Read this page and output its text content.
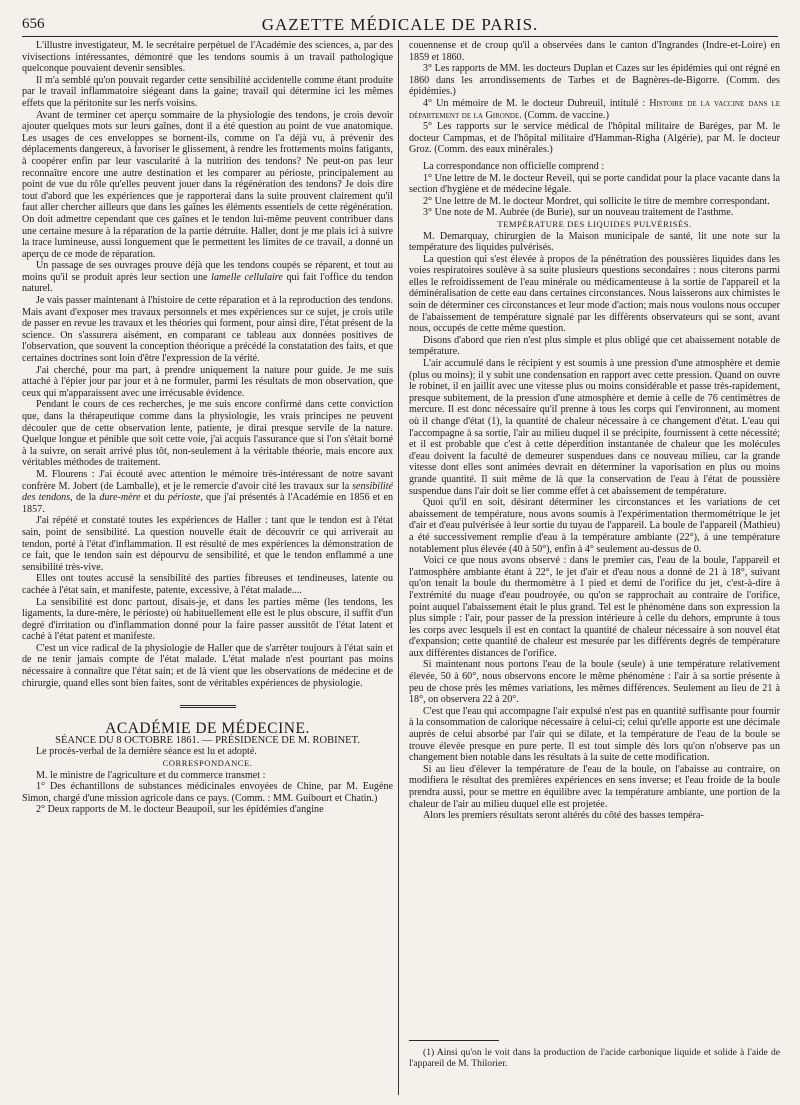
656	GAZETTE MÉDICALE DE PARIS.

L'illustre investigateur, M. le secrétaire perpétuel de l'Académie des sciences, a, par des vivisections intéressantes, démontré que les tendons soumis à un travail pathologique quelconque pouvaient devenir sensibles.

Il m'a semblé qu'on pouvait regarder cette sensibilité accidentelle comme étant produite par le travail inflammatoire siégeant dans la gaine; travail qui détermine ici les mêmes effets que la péritonite sur les nerfs voisins.

Avant de terminer cet aperçu sommaire de la physiologie des tendons, je crois devoir ajouter quelques mots sur leurs gaînes, dont il a été question au point de vue anatomique. Les usages de ces enveloppes se bornent-ils, comme on l'a déjà vu, à prévenir des déplacements dangereux, à favoriser le glissement, à rendre les frottements moins fatigants, à coopérer enfin par leur vascularité à la nutrition des tendons? Ne peut-on pas leur reconnaître encore une autre destination et les comparer au périoste, principalement au point de vue du rôle qu'elles peuvent jouer dans la régénération des tendons? Je dois dire tout d'abord que les expériences que je rapporterai dans la suite prouvent clairement qu'il faut aller chercher ailleurs que dans les gaînes les éléments essentiels de cette régénération. On doit admettre cependant que ces gaînes et le tendon lui-même peuvent contribuer dans une certaine mesure à la réparation de la partie détruite. Haller, dont je me plais ici à suivre la trace lumineuse, aussi longuement que le permettent les limites de ce travail, a donné un aperçu de ce mode de réparation.

Un passage de ses ouvrages prouve déjà que les tendons coupés se réparent, et tout au moins qu'il se produit après leur section une lamelle cellulaire qui fait l'office du tendon naturel.

Je vais passer maintenant à l'histoire de cette réparation et à la reproduction des tendons. Mais avant d'exposer mes travaux personnels et mes expériences sur ce sujet, je crois utile de passer en revue les travaux et les théories qui forment, pour ainsi dire, l'état présent de la science. On s'assurera aisément, en comparant ce tableau aux données positives de l'observation, que souvent la conception théorique a précédé la constatation des faits, et que certaines doctrines sont loin d'être l'expression de la vérité.

J'ai cherché, pour ma part, à prendre uniquement la nature pour guide. Je me suis attaché à l'épier jour par jour et à ne formuler, parmi les résultats de mon observation, que ceux qui m'apparaissent avec une irrécusable évidence.

Pendant le cours de ces recherches, je me suis encore confirmé dans cette conviction que, dans la thérapeutique comme dans la physiologie, les vrais principes ne peuvent découler que de cette observation lente, patiente, je dirai presque servile de la nature. Quelque longue et pénible que soit cette voie, j'ai acquis l'assurance que si l'on s'était borné à la suivre, on serait arrivé plus tôt, non-seulement à la véritable théorie, mais encore aux véritables méthodes de traitement.

M. Flourens : J'ai écouté avec attention le mémoire très-intéressant de notre savant confrère M. Jobert (de Lamballe), et je le remercie d'avoir cité les travaux sur la sensibilité des tendons, de la dure-mère et du périoste, que j'ai présentés à l'Académie en 1856 et en 1857.

J'ai répété et constaté toutes les expériences de Haller : tant que le tendon est à l'état sain, point de sensibilité. La question nouvelle était de découvrir ce qui arriverait au tendon, porté à l'état d'inflammation. Il est résulté de mes expériences la démonstration de ce fait, que le tendon sain est dépourvu de sensibilité, et que le tendon enflammé a une sensibilité très-vive.

Elles ont toutes accusé la sensibilité des parties fibreuses et tendineuses, latente ou cachée à l'état sain, et manifeste, patente, excessive, à l'état malade....

La sensibilité est donc partout, disais-je, et dans les parties même (les tendons, les ligaments, la dure-mère, le périoste) où habituellement elle est le plus obscure, il suffit d'un degré d'irritation ou d'inflammation donné pour la faire passer aussitôt de l'état latent et caché à l'état patent et manifeste.

C'est un vice radical de la physiologie de Haller que de s'arrêter toujours à l'état sain et de ne tenir jamais compte de l'état malade. L'état malade n'est pourtant pas moins nécessaire à connaître que l'état sain; et de là vient que les observations de médecine et de chirurgie, quand elles sont bien faites, sont de véritables expériences de physiologie.

ACADÉMIE DE MÉDECINE.

SÉANCE DU 8 OCTOBRE 1861. — PRÉSIDENCE DE M. ROBINET.

Le procès-verbal de la dernière séance est lu et adopté.

CORRESPONDANCE.

M. le ministre de l'agriculture et du commerce transmet :

1° Des échantillons de substances médicinales envoyées de Chine, par M. Eugène Simon, chargé d'une mission agricole dans ce pays. (Comm. : MM. Guibourt et Chatin.)

2° Deux rapports de M. le docteur Beaupoil, sur les épidémies d'angine

couennense et de croup qu'il a observées dans le canton d'Ingrandes (Indre-et-Loire) en 1859 et 1860.

3° Les rapports de MM. les docteurs Duplan et Cazes sur les épidémies qui ont régné en 1860 dans les arrondissements de Tarbes et de Bagnères-de-Bigorre. (Comm. des épidémies.)

4° Un mémoire de M. le docteur Dubreuil, intitulé : Histoire de la vaccine dans le département de la Gironde. (Comm. de vaccine.)

5° Les rapports sur le service médical de l'hôpital militaire de Baréges, par M. le docteur Campmas, et de l'hôpital militaire d'Hamman-Righa (Algérie), par M. le docteur Groz. (Comm. des eaux minérales.)

La correspondance non officielle comprend :

1° Une lettre de M. le docteur Reveil, qui se porte candidat pour la place vacante dans la section d'hygiène et de médecine légale.

2° Une lettre de M. le docteur Mordret, qui sollicite le titre de membre correspondant.

3° Une note de M. Aubrée (de Burie), sur un nouveau traitement de l'asthme.

TEMPÉRATURE DES LIQUIDES PULVÉRISÉS.

M. Demarquay, chirurgien de la Maison municipale de santé, lit une note sur la température des liquides pulvérisés.

La question qui s'est élevée à propos de la pénétration des poussières liquides dans les voies respiratoires soulève à sa suite plusieurs questions secondaires : nous citerons parmi elles le refroidissement de l'eau minérale ou médicamenteuse à la sortie de l'appareil et la déminéralisation de cette eau dans certaines circonstances. Nous laisserons aux chimistes le soin de déterminer ces circonstances et leur mode d'action; mais nous voulons nous occuper de l'abaissement de température signalé par les différents observateurs qui se sont, avant nous, occupés de cette même question.

Disons d'abord que rien n'est plus simple et plus obligé que cet abaissement notable de température.

L'air accumulé dans le récipient y est soumis à une pression d'une atmosphère et demie (plus ou moins); il y subit une condensation en rapport avec cette pression. Quand on ouvre le robinet, il en jaillit avec une vitesse plus ou moins considérable et passe très-rapidement, presque subitement, de la pression d'une atmosphère et demie à celle de 76 centimètres de mercure. Il est donc nécessaire qu'il prenne à tous les corps qui l'environnent, au moment où il change d'état (1), la quantité de chaleur nécessaire à ce changement d'état. L'eau qui l'accompagne à sa sortie, l'air au milieu duquel il se précipite, fournissent à cette nécessité; et il est probable que c'est à cette déperdition instantanée de chaleur que les molécules d'eau doivent la faculté de demeurer suspendues dans ce nouveau milieu, car la grande vitesse dont elles sont animées devrait en déterminer la vaporisation en plus ou moins grande quantité. Il suit même de là que la conservation de l'eau à l'état de poussière suspendue dans l'air doit se lier comme effet à cet abaissement de température.

Quoi qu'il en soit, désirant déterminer les circonstances et les variations de cet abaissement de température, nous avons soumis à l'expérimentation thermométrique le jet d'air et d'eau pulvérisée à leur sortie du tuyau de l'appareil. La boule de l'appareil (Mathieu) a été successivement remplie d'eau à la température ambiante (22°), à une température notablement plus élevée (40 à 50°), enfin à 4° seulement au-dessus de 0.

Voici ce que nous avons observé : dans le premier cas, l'eau de la boule, l'appareil et l'atmosphère ambiante étant à 22°, le jet d'air et d'eau nous a donné de 21 à 18°, suivant qu'on tenait la boule du thermomètre à 1 pied et demi de l'orifice du jet, c'est-à-dire à l'extrémité du nuage d'eau poudroyée, ou qu'on se rapprochait au contraire de l'orifice, point auquel l'abaissement était le plus grand. Tel est le phénomène dans son expression la plus simple : l'air, pour passer de la pression intérieure à celle du dehors, emprunte à tous les corps avec lesquels il est en contact la quantité de chaleur nécessaire à son nouvel état d'expansion; cette quantité de chaleur est mesurée par les différents degrés de température aux différentes distances de l'orifice.

Si maintenant nous portons l'eau de la boule (seule) à une température relativement élevée, 50 à 60°, nous observons encore le même phénomène : l'air à sa sortie présente à peu de chose près les mêmes variations, les mêmes différences. Seulement au lieu de 21 à 18°, on observera 22 à 20°.

C'est que l'eau qui accompagne l'air expulsé n'est pas en quantité suffisante pour fournir à la consommation de calorique nécessaire à celui-ci; celui qu'elle apporte est une décimale auprès de celui absorbé par l'air qui se dilate, et la température de l'eau de la boule se trouve élevée presque en pure perte. Il est tout simple dès lors qu'on n'observe pas un changement bien notable dans les résultats à la suite de cette modification.

Si au lieu d'élever la température de l'eau de la boule, on l'abaisse au contraire, on modifiera le résultat des premières expériences en sens inverse; et l'eau froide de la boule prendra aussi, pour se mettre en équilibre avec la température ambiante, une portion de la chaleur de l'air au milieu duquel elle est projetée.

Alors les premiers résultats seront altérés du côté des basses tempéra-

(1) Ainsi qu'on le voit dans la production de l'acide carbonique liquide et solide à l'aide de l'appareil de M. Thilorier.
